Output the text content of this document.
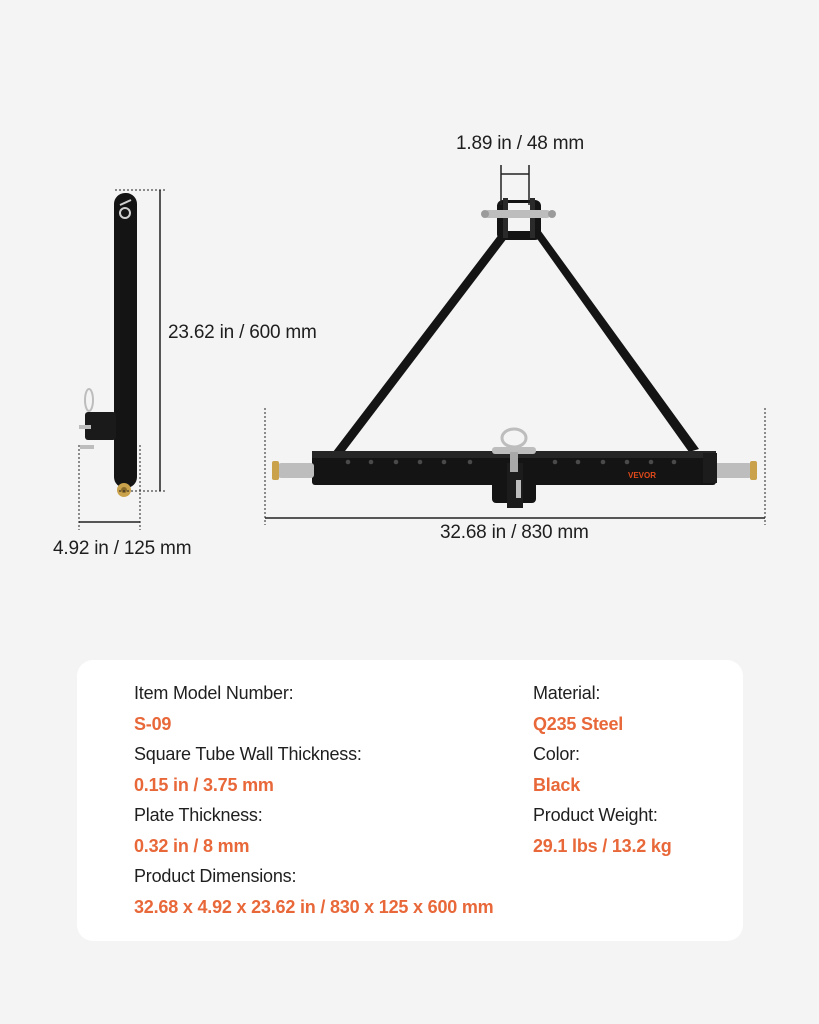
VEVOR
1.89 in / 48 mm
23.62 in / 600 mm
4.92 in / 125 mm
32.68 in / 830 mm
Item Model Number:
S-09
Square Tube Wall Thickness:
0.15 in / 3.75 mm
Plate Thickness:
0.32 in / 8 mm
Product Dimensions:
32.68 x 4.92 x 23.62 in / 830 x 125 x 600 mm
Material:
Q235 Steel
Color:
Black
Product Weight:
29.1 lbs / 13.2 kg
